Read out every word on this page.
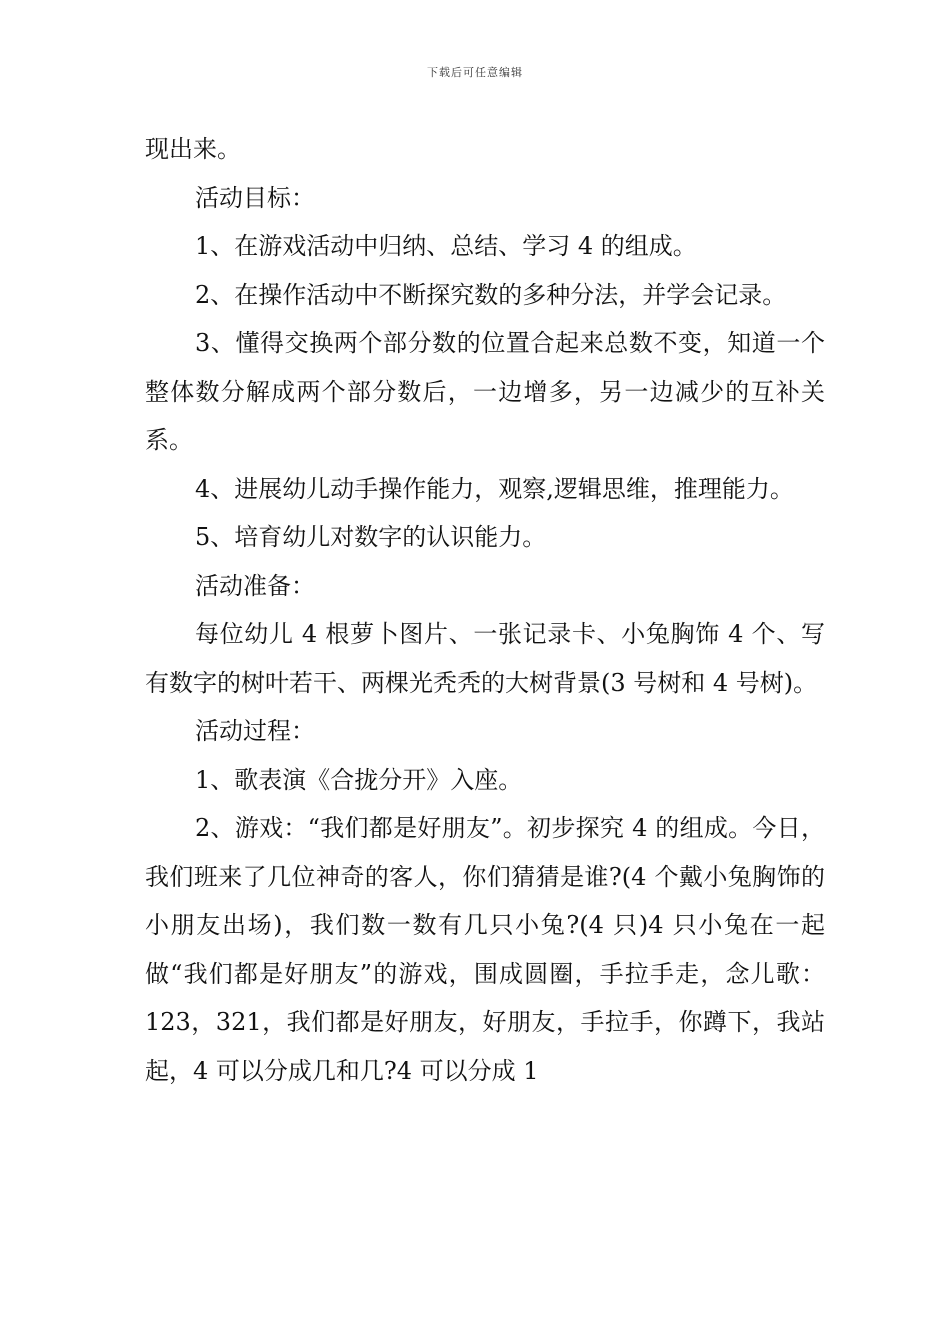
下载后可任意编辑

现出来。

活动目标：

1、在游戏活动中归纳、总结、学习 4 的组成。

2、在操作活动中不断探究数的多种分法，并学会记录。

3、懂得交换两个部分数的位置合起来总数不变，知道一个整体数分解成两个部分数后，一边增多，另一边减少的互补关系。

4、进展幼儿动手操作能力，观察,逻辑思维，推理能力。

5、培育幼儿对数字的认识能力。

活动准备：

每位幼儿 4 根萝卜图片、一张记录卡、小兔胸饰 4 个、写有数字的树叶若干、两棵光秃秃的大树背景(3 号树和 4 号树)。

活动过程：

1、歌表演《合拢分开》入座。

2、游戏：“我们都是好朋友”。初步探究 4 的组成。今日，我们班来了几位神奇的客人，你们猜猜是谁?(4 个戴小兔胸饰的小朋友出场)，我们数一数有几只小兔?(4 只)4 只小兔在一起做“我们都是好朋友”的游戏，围成圆圈，手拉手走，念儿歌：123，321，我们都是好朋友，好朋友，手拉手，你蹲下，我站起，4 可以分成几和几?4 可以分成 1
